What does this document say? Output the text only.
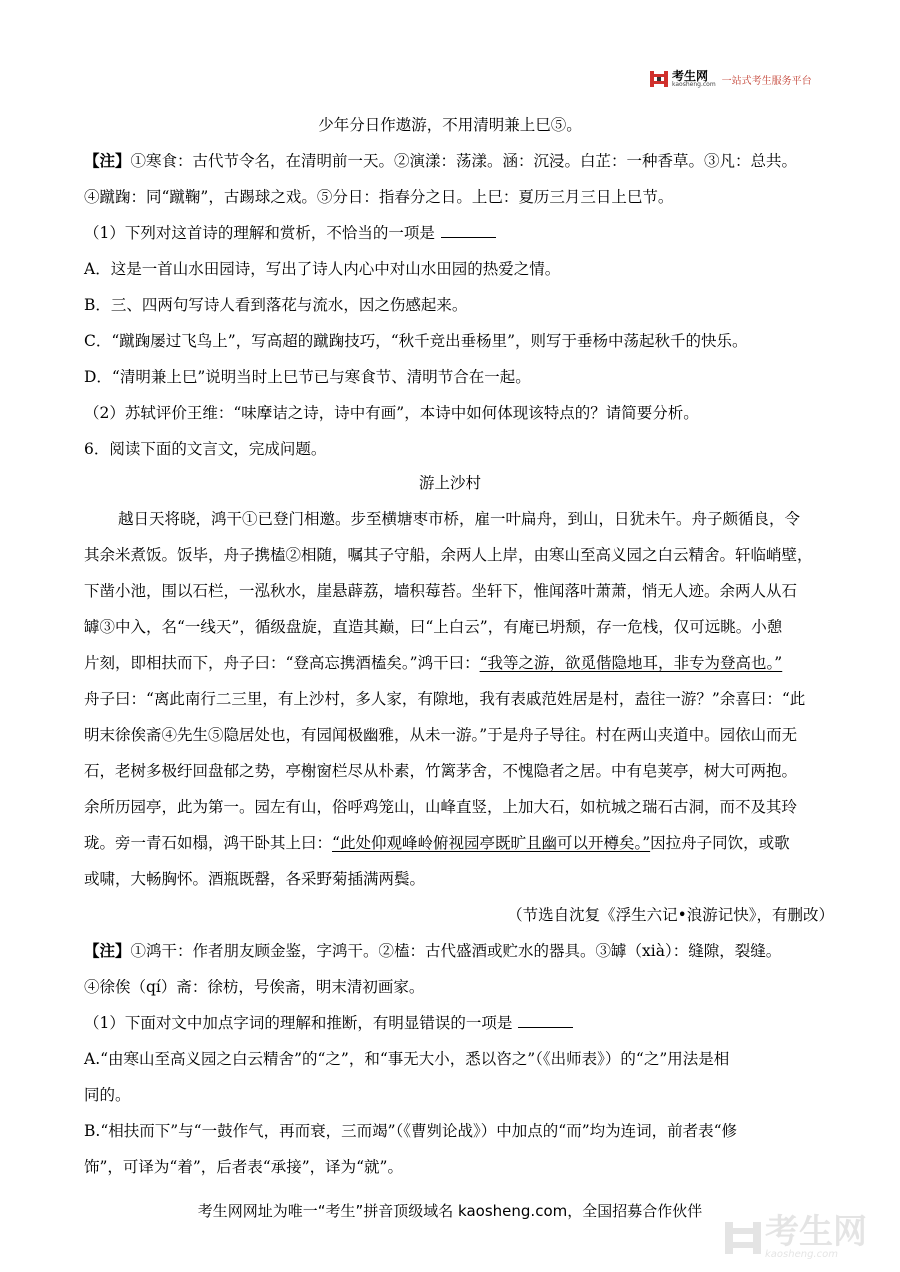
考生网
kaosheng.com 一站式考生服务平台
少年分日作遨游，不用清明兼上巳⑤。
【注】①寒食：古代节令名，在清明前一天。②演漾：荡漾。涵：沉浸。白芷：一种香草。③凡：总共。
④蹴踘：同“蹴鞠”，古踢球之戏。⑤分日：指春分之日。上巳：夏历三月三日上巳节。
（1）下列对这首诗的理解和赏析，不恰当的一项是
A．这是一首山水田园诗，写出了诗人内心中对山水田园的热爱之情。
B．三、四两句写诗人看到落花与流水，因之伤感起来。
C．“蹴踘屡过飞鸟上”，写高超的蹴踘技巧，“秋千竞出垂杨里”，则写于垂杨中荡起秋千的快乐。
D．“清明兼上巳”说明当时上巳节已与寒食节、清明节合在一起。
（2）苏轼评价王维：“味摩诘之诗，诗中有画”，本诗中如何体现该特点的？请简要分析。
6．阅读下面的文言文，完成问题。
游上沙村
越日天将晓，鸿干①已登门相邀。步至横塘枣市桥，雇一叶扁舟，到山，日犹未午。舟子颇循良，令
其余米煮饭。饭毕，舟子携榼②相随，嘱其子守船，余两人上岸，由寒山至高义园之白云精舍。轩临峭壁，
下凿小池，围以石栏，一泓秋水，崖悬薜荔，墙积莓苔。坐轩下，惟闻落叶萧萧，悄无人迹。余两人从石
罅③中入，名“一线天”，循级盘旋，直造其巅，曰“上白云”，有庵已坍颓，存一危栈，仅可远眺。小憩
片刻，即相扶而下，舟子曰：“登高忘携酒榼矣。”鸿干曰：“我等之游，欲觅偕隐地耳，非专为登高也。”
舟子曰：“离此南行二三里，有上沙村，多人家，有隙地，我有表戚范姓居是村，盍往一游？”余喜曰：“此
明末徐俟斋④先生⑤隐居处也，有园闻极幽雅，从未一游。”于是舟子导往。村在两山夹道中。园依山而无
石，老树多极纡回盘郁之势，亭榭窗栏尽从朴素，竹篱茅舍，不愧隐者之居。中有皂荚亭，树大可两抱。
余所历园亭，此为第一。园左有山，俗呼鸡笼山，山峰直竖，上加大石，如杭城之瑞石古洞，而不及其玲
珑。旁一青石如榻，鸿干卧其上曰：“此处仰观峰岭俯视园亭既旷且幽可以开樽矣。”因拉舟子同饮，或歌
或啸，大畅胸怀。酒瓶既罄，各采野菊插满两鬓。
（节选自沈复《浮生六记•浪游记快》，有删改）
【注】①鸿干：作者朋友顾金鉴，字鸿干。②榼：古代盛酒或贮水的器具。③罅（xià）：缝隙，裂缝。
④徐俟（qí）斋：徐枋，号俟斋，明末清初画家。
（1）下面对文中加点字词的理解和推断，有明显错误的一项是
A.“由寒山至高义园之白云精舍”的“之”，和“事无大小，悉以咨之”（《出师表》）的“之”用法是相
同的。
B.“相扶而下”与“一鼓作气，再而衰，三而竭”（《曹刿论战》）中加点的“而”均为连词，前者表“修
饰”，可译为“着”，后者表“承接”，译为“就”。
考生网网址为唯一“考生”拼音顶级域名 kaosheng.com，全国招募合作伙伴
考生网
kaosheng.com
